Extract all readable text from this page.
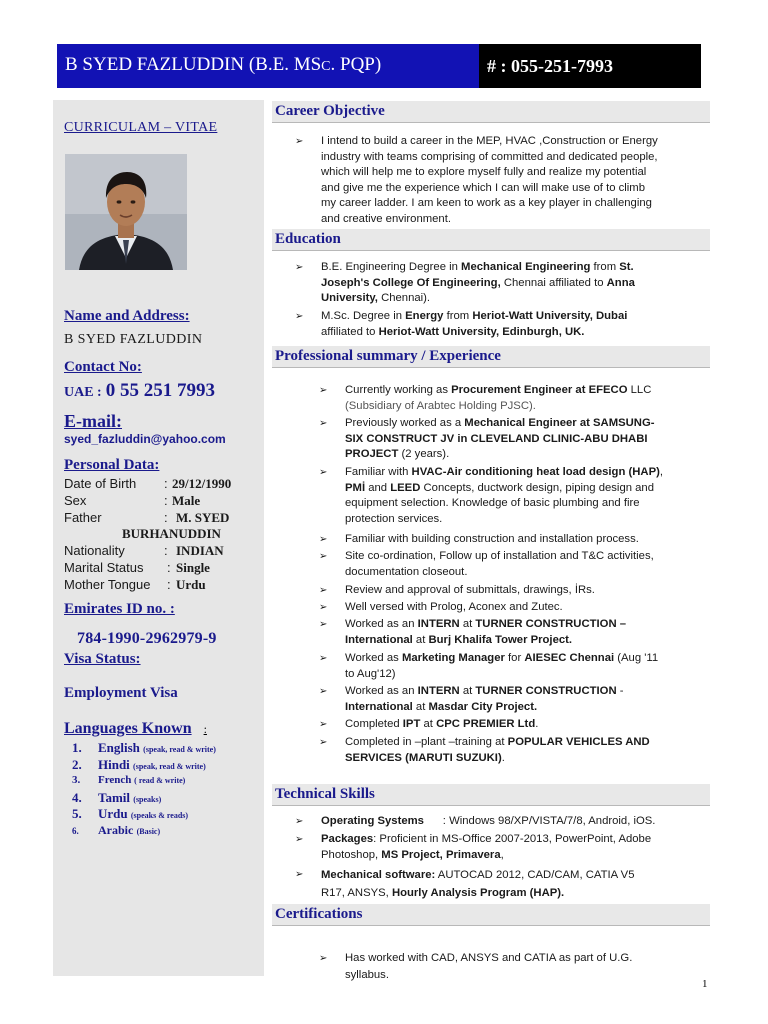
B SYED FAZLUDDIN (B.E. MSC. PQP)	# : 055-251-7993
CURRICULAM – VITAE
Name and Address:
B SYED FAZLUDDIN
Contact No:
UAE : 0 55 251 7993
E-mail:
syed_fazluddin@yahoo.com
Personal Data:
Date of Birth : 29/12/1990
Sex	: Male
Father	: M. SYED
BURHANUDDIN
Nationality	: INDIAN
Marital Status : Single
Mother Tongue : Urdu
Emirates ID no. :
784-1990-2962979-9
Visa Status:
Employment Visa
Languages Known :
1. English (speak, read & write)
2. Hindi (speak, read & write)
3. French ( read & write)
4. Tamil (speaks)
5. Urdu (speaks & reads)
6. Arabic (Basic)
Career Objective
➢ I intend to build a career in the MEP, HVAC ,Construction or Energy
industry with teams comprising of committed and dedicated people,
which will help me to explore myself fully and realize my potential
and give me the experience which I can will make use of to climb
my career ladder. I am keen to work as a key player in challenging
and creative environment.
Education
➢ B.E. Engineering Degree in Mechanical Engineering from St.
Joseph's College Of Engineering, Chennai affiliated to Anna
University, Chennai).
➢ M.Sc. Degree in Energy from Heriot-Watt University, Dubai
affiliated to Heriot-Watt University, Edinburgh, UK.
Professional summary / Experience
➢ Currently working as Procurement Engineer at EFECO LLC
(Subsidiary of Arabtec Holding PJSC).
➢ Previously worked as a Mechanical Engineer at SAMSUNG-
SIX CONSTRUCT JV in CLEVELAND CLINIC-ABU DHABI
PROJECT (2 years).
➢ Familiar with HVAC-Air conditioning heat load design (HAP),
PMİ and LEED Concepts, ductwork design, piping design and
equipment selection. Knowledge of basic plumbing and fire
protection services.
➢ Familiar with building construction and installation process.
➢ Site co-ordination, Follow up of installation and T&C activities,
documentation closeout.
➢ Review and approval of submittals, drawings, İRs.
➢ Well versed with Prolog, Aconex and Zutec.
➢ Worked as an INTERN at TURNER CONSTRUCTION –
International at Burj Khalifa Tower Project.
➢ Worked as Marketing Manager for AIESEC Chennai (Aug '11
to Aug'12)
➢ Worked as an INTERN at TURNER CONSTRUCTION -
International at Masdar City Project.
➢ Completed IPT at CPC PREMIER Ltd.
➢ Completed in –plant –training at POPULAR VEHICLES AND
SERVICES (MARUTI SUZUKI).
Technical Skills
➢ Operating Systems      : Windows 98/XP/VISTA/7/8, Android, iOS.
➢ Packages: Proficient in MS-Office 2007-2013, PowerPoint, Adobe
Photoshop, MS Project, Primavera,
➢ Mechanical software: AUTOCAD 2012, CAD/CAM, CATIA V5
R17, ANSYS, Hourly Analysis Program (HAP).
Certifications
➢ Has worked with CAD, ANSYS and CATIA as part of U.G.
syllabus.
1
